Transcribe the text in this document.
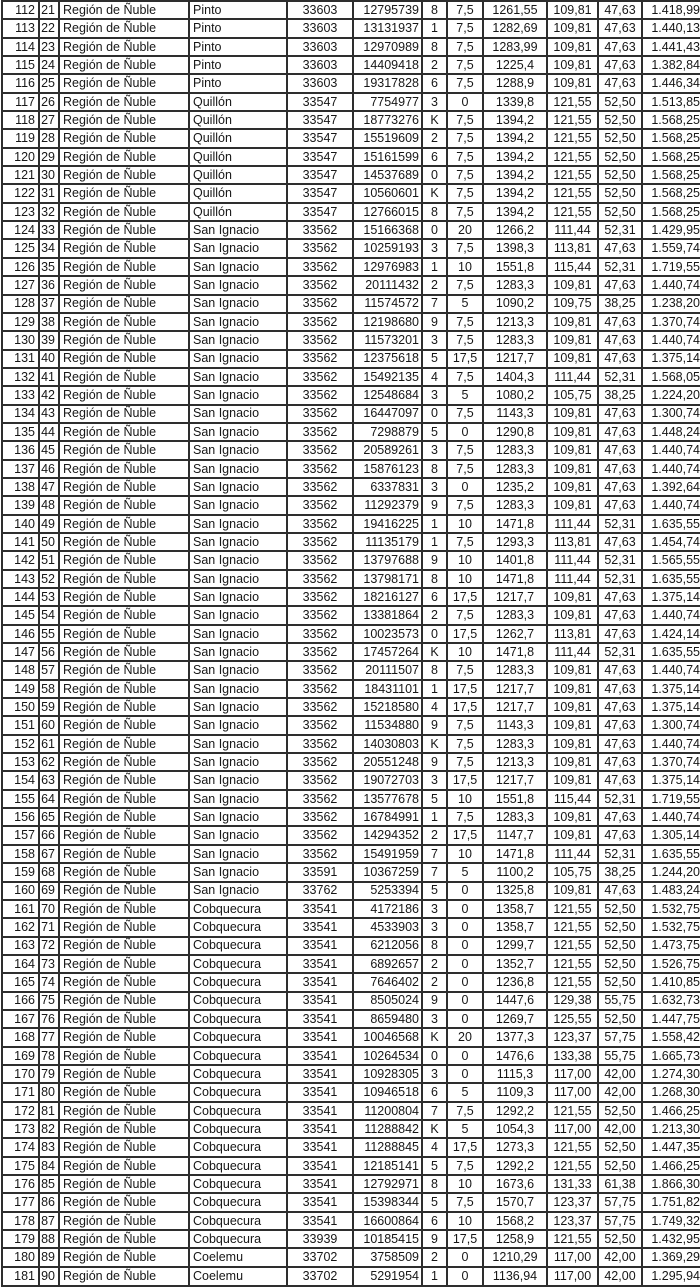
112	21	Región de Ñuble	Pinto	33603	12795739	8	7,5	1261,55	109,81	47,63	1.418,99
113	22	Región de Ñuble	Pinto	33603	13131937	1	7,5	1282,69	109,81	47,63	1.440,13
114	23	Región de Ñuble	Pinto	33603	12970989	8	7,5	1283,99	109,81	47,63	1.441,43
115	24	Región de Ñuble	Pinto	33603	14409418	2	7,5	1225,4	109,81	47,63	1.382,84
116	25	Región de Ñuble	Pinto	33603	19317828	6	7,5	1288,9	109,81	47,63	1.446,34
117	26	Región de Ñuble	Quillón	33547	7754977	3	0	1339,8	121,55	52,50	1.513,85
118	27	Región de Ñuble	Quillón	33547	18773276	K	7,5	1394,2	121,55	52,50	1.568,25
119	28	Región de Ñuble	Quillón	33547	15519609	2	7,5	1394,2	121,55	52,50	1.568,25
120	29	Región de Ñuble	Quillón	33547	15161599	6	7,5	1394,2	121,55	52,50	1.568,25
121	30	Región de Ñuble	Quillón	33547	14537689	0	7,5	1394,2	121,55	52,50	1.568,25
122	31	Región de Ñuble	Quillón	33547	10560601	K	7,5	1394,2	121,55	52,50	1.568,25
123	32	Región de Ñuble	Quillón	33547	12766015	8	7,5	1394,2	121,55	52,50	1.568,25
124	33	Región de Ñuble	San Ignacio	33562	15166368	0	20	1266,2	111,44	52,31	1.429,95
125	34	Región de Ñuble	San Ignacio	33562	10259193	3	7,5	1398,3	113,81	47,63	1.559,74
126	35	Región de Ñuble	San Ignacio	33562	12976983	1	10	1551,8	115,44	52,31	1.719,55
127	36	Región de Ñuble	San Ignacio	33562	20111432	2	7,5	1283,3	109,81	47,63	1.440,74
128	37	Región de Ñuble	San Ignacio	33562	11574572	7	5	1090,2	109,75	38,25	1.238,20
129	38	Región de Ñuble	San Ignacio	33562	12198680	9	7,5	1213,3	109,81	47,63	1.370,74
130	39	Región de Ñuble	San Ignacio	33562	11573201	3	7,5	1283,3	109,81	47,63	1.440,74
131	40	Región de Ñuble	San Ignacio	33562	12375618	5	17,5	1217,7	109,81	47,63	1.375,14
132	41	Región de Ñuble	San Ignacio	33562	15492135	4	7,5	1404,3	111,44	52,31	1.568,05
133	42	Región de Ñuble	San Ignacio	33562	12548684	3	5	1080,2	105,75	38,25	1.224,20
134	43	Región de Ñuble	San Ignacio	33562	16447097	0	7,5	1143,3	109,81	47,63	1.300,74
135	44	Región de Ñuble	San Ignacio	33562	7298879	5	0	1290,8	109,81	47,63	1.448,24
136	45	Región de Ñuble	San Ignacio	33562	20589261	3	7,5	1283,3	109,81	47,63	1.440,74
137	46	Región de Ñuble	San Ignacio	33562	15876123	8	7,5	1283,3	109,81	47,63	1.440,74
138	47	Región de Ñuble	San Ignacio	33562	6337831	3	0	1235,2	109,81	47,63	1.392,64
139	48	Región de Ñuble	San Ignacio	33562	11292379	9	7,5	1283,3	109,81	47,63	1.440,74
140	49	Región de Ñuble	San Ignacio	33562	19416225	1	10	1471,8	111,44	52,31	1.635,55
141	50	Región de Ñuble	San Ignacio	33562	11135179	1	7,5	1293,3	113,81	47,63	1.454,74
142	51	Región de Ñuble	San Ignacio	33562	13797688	9	10	1401,8	111,44	52,31	1.565,55
143	52	Región de Ñuble	San Ignacio	33562	13798171	8	10	1471,8	111,44	52,31	1.635,55
144	53	Región de Ñuble	San Ignacio	33562	18216127	6	17,5	1217,7	109,81	47,63	1.375,14
145	54	Región de Ñuble	San Ignacio	33562	13381864	2	7,5	1283,3	109,81	47,63	1.440,74
146	55	Región de Ñuble	San Ignacio	33562	10023573	0	17,5	1262,7	113,81	47,63	1.424,14
147	56	Región de Ñuble	San Ignacio	33562	17457264	K	10	1471,8	111,44	52,31	1.635,55
148	57	Región de Ñuble	San Ignacio	33562	20111507	8	7,5	1283,3	109,81	47,63	1.440,74
149	58	Región de Ñuble	San Ignacio	33562	18431101	1	17,5	1217,7	109,81	47,63	1.375,14
150	59	Región de Ñuble	San Ignacio	33562	15218580	4	17,5	1217,7	109,81	47,63	1.375,14
151	60	Región de Ñuble	San Ignacio	33562	11534880	9	7,5	1143,3	109,81	47,63	1.300,74
152	61	Región de Ñuble	San Ignacio	33562	14030803	K	7,5	1283,3	109,81	47,63	1.440,74
153	62	Región de Ñuble	San Ignacio	33562	20551248	9	7,5	1213,3	109,81	47,63	1.370,74
154	63	Región de Ñuble	San Ignacio	33562	19072703	3	17,5	1217,7	109,81	47,63	1.375,14
155	64	Región de Ñuble	San Ignacio	33562	13577678	5	10	1551,8	115,44	52,31	1.719,55
156	65	Región de Ñuble	San Ignacio	33562	16784991	1	7,5	1283,3	109,81	47,63	1.440,74
157	66	Región de Ñuble	San Ignacio	33562	14294352	2	17,5	1147,7	109,81	47,63	1.305,14
158	67	Región de Ñuble	San Ignacio	33562	15491959	7	10	1471,8	111,44	52,31	1.635,55
159	68	Región de Ñuble	San Ignacio	33591	10367259	7	5	1100,2	105,75	38,25	1.244,20
160	69	Región de Ñuble	San Ignacio	33762	5253394	5	0	1325,8	109,81	47,63	1.483,24
161	70	Región de Ñuble	Cobquecura	33541	4172186	3	0	1358,7	121,55	52,50	1.532,75
162	71	Región de Ñuble	Cobquecura	33541	4533903	3	0	1358,7	121,55	52,50	1.532,75
163	72	Región de Ñuble	Cobquecura	33541	6212056	8	0	1299,7	121,55	52,50	1.473,75
164	73	Región de Ñuble	Cobquecura	33541	6892657	2	0	1352,7	121,55	52,50	1.526,75
165	74	Región de Ñuble	Cobquecura	33541	7646402	2	0	1236,8	121,55	52,50	1.410,85
166	75	Región de Ñuble	Cobquecura	33541	8505024	9	0	1447,6	129,38	55,75	1.632,73
167	76	Región de Ñuble	Cobquecura	33541	8659480	3	0	1269,7	125,55	52,50	1.447,75
168	77	Región de Ñuble	Cobquecura	33541	10046568	K	20	1377,3	123,37	57,75	1.558,42
169	78	Región de Ñuble	Cobquecura	33541	10264534	0	0	1476,6	133,38	55,75	1.665,73
170	79	Región de Ñuble	Cobquecura	33541	10928305	3	0	1115,3	117,00	42,00	1.274,30
171	80	Región de Ñuble	Cobquecura	33541	10946518	6	5	1109,3	117,00	42,00	1.268,30
172	81	Región de Ñuble	Cobquecura	33541	11200804	7	7,5	1292,2	121,55	52,50	1.466,25
173	82	Región de Ñuble	Cobquecura	33541	11288842	K	5	1054,3	117,00	42,00	1.213,30
174	83	Región de Ñuble	Cobquecura	33541	11288845	4	17,5	1273,3	121,55	52,50	1.447,35
175	84	Región de Ñuble	Cobquecura	33541	12185141	5	7,5	1292,2	121,55	52,50	1.466,25
176	85	Región de Ñuble	Cobquecura	33541	12792971	8	10	1673,6	131,33	61,38	1.866,30
177	86	Región de Ñuble	Cobquecura	33541	15398344	5	7,5	1570,7	123,37	57,75	1.751,82
178	87	Región de Ñuble	Cobquecura	33541	16600864	6	10	1568,2	123,37	57,75	1.749,32
179	88	Región de Ñuble	Cobquecura	33939	10185415	9	17,5	1258,9	121,55	52,50	1.432,95
180	89	Región de Ñuble	Coelemu	33702	3758509	2	0	1210,29	117,00	42,00	1.369,29
181	90	Región de Ñuble	Coelemu	33702	5291954	1	0	1136,94	117,00	42,00	1.295,94
